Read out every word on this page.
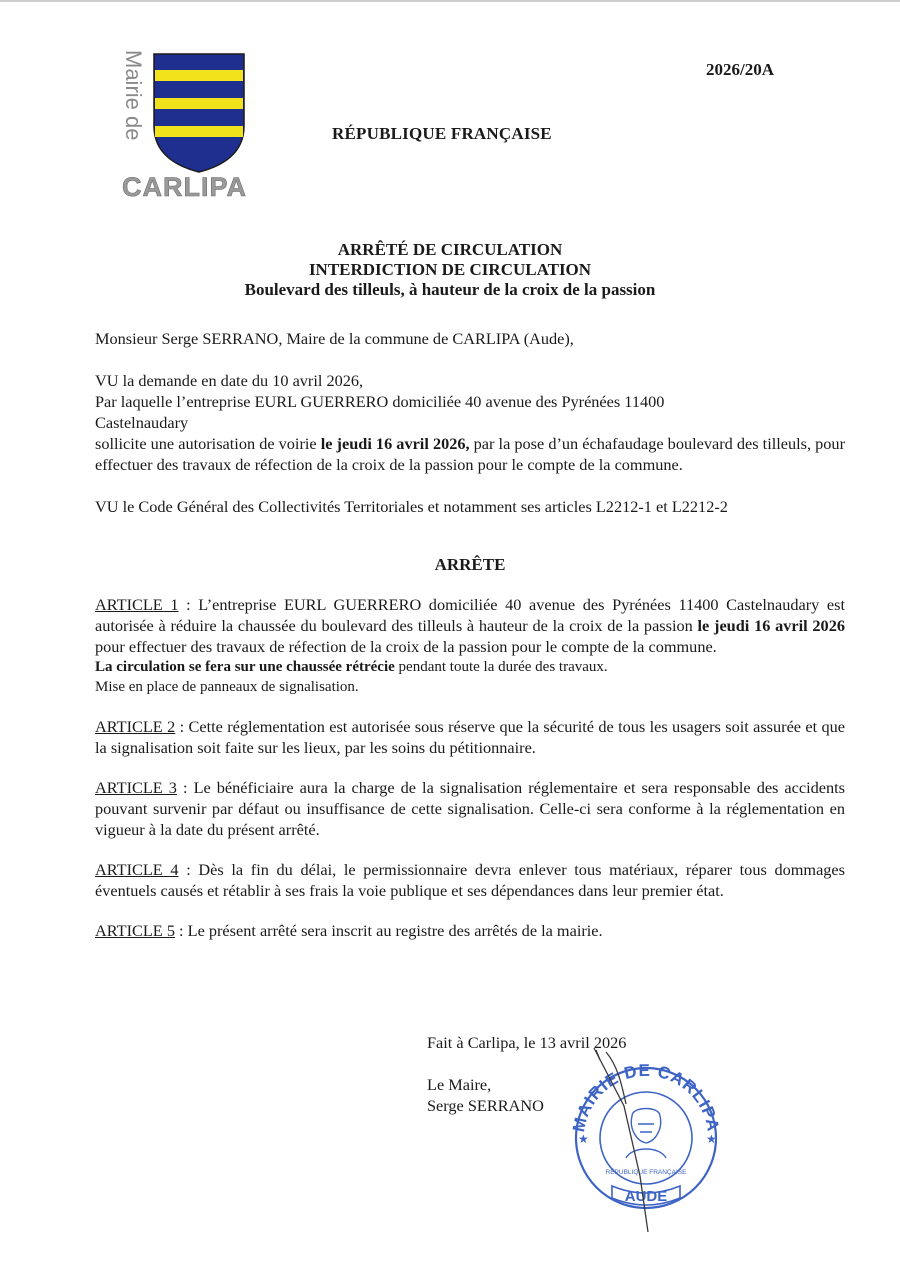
Mairie de
CARLIPA
2026/20A
RÉPUBLIQUE FRANÇAISE
ARRÊTÉ DE CIRCULATION
INTERDICTION DE CIRCULATION
Boulevard des tilleuls, à hauteur de la croix de la passion

Monsieur Serge SERRANO, Maire de la commune de CARLIPA (Aude),

VU la demande en date du 10 avril 2026,

Par laquelle l’entreprise EURL GUERRERO domiciliée 40 avenue des Pyrénées 11400

Castelnaudary

sollicite une autorisation de voirie le jeudi 16 avril 2026, par la pose d’un échafaudage boulevard des tilleuls, pour effectuer des travaux de réfection de la croix de la passion pour le compte de la commune.

VU le Code Général des Collectivités Territoriales et notamment ses articles L2212-1 et L2212-2

ARRÊTE

ARTICLE 1 : L’entreprise EURL GUERRERO domiciliée 40 avenue des Pyrénées 11400 Castelnaudary est autorisée à réduire la chaussée du boulevard des tilleuls à hauteur de la croix de la passion le jeudi 16 avril 2026 pour effectuer des travaux de réfection de la croix de la passion pour le compte de la commune.

La circulation se fera sur une chaussée rétrécie pendant toute la durée des travaux.

Mise en place de panneaux de signalisation.

ARTICLE 2 : Cette réglementation est autorisée sous réserve que la sécurité de tous les usagers soit assurée et que la signalisation soit faite sur les lieux, par les soins du pétitionnaire.

ARTICLE 3 : Le bénéficiaire aura la charge de la signalisation réglementaire et sera responsable des accidents pouvant survenir par défaut ou insuffisance de cette signalisation. Celle-ci sera conforme à la réglementation en vigueur à la date du présent arrêté.

ARTICLE 4 : Dès la fin du délai, le permissionnaire devra enlever tous matériaux, réparer tous dommages éventuels causés et rétablir à ses frais la voie publique et ses dépendances dans leur premier état.

ARTICLE 5 : Le présent arrêté sera inscrit au registre des arrêtés de la mairie.

Fait à Carlipa, le 13 avril 2026
Le Maire,
Serge SERRANO
MAIRIE DE CARLIPA
★	★
RÉPUBLIQUE FRANÇAISE
AUDE
